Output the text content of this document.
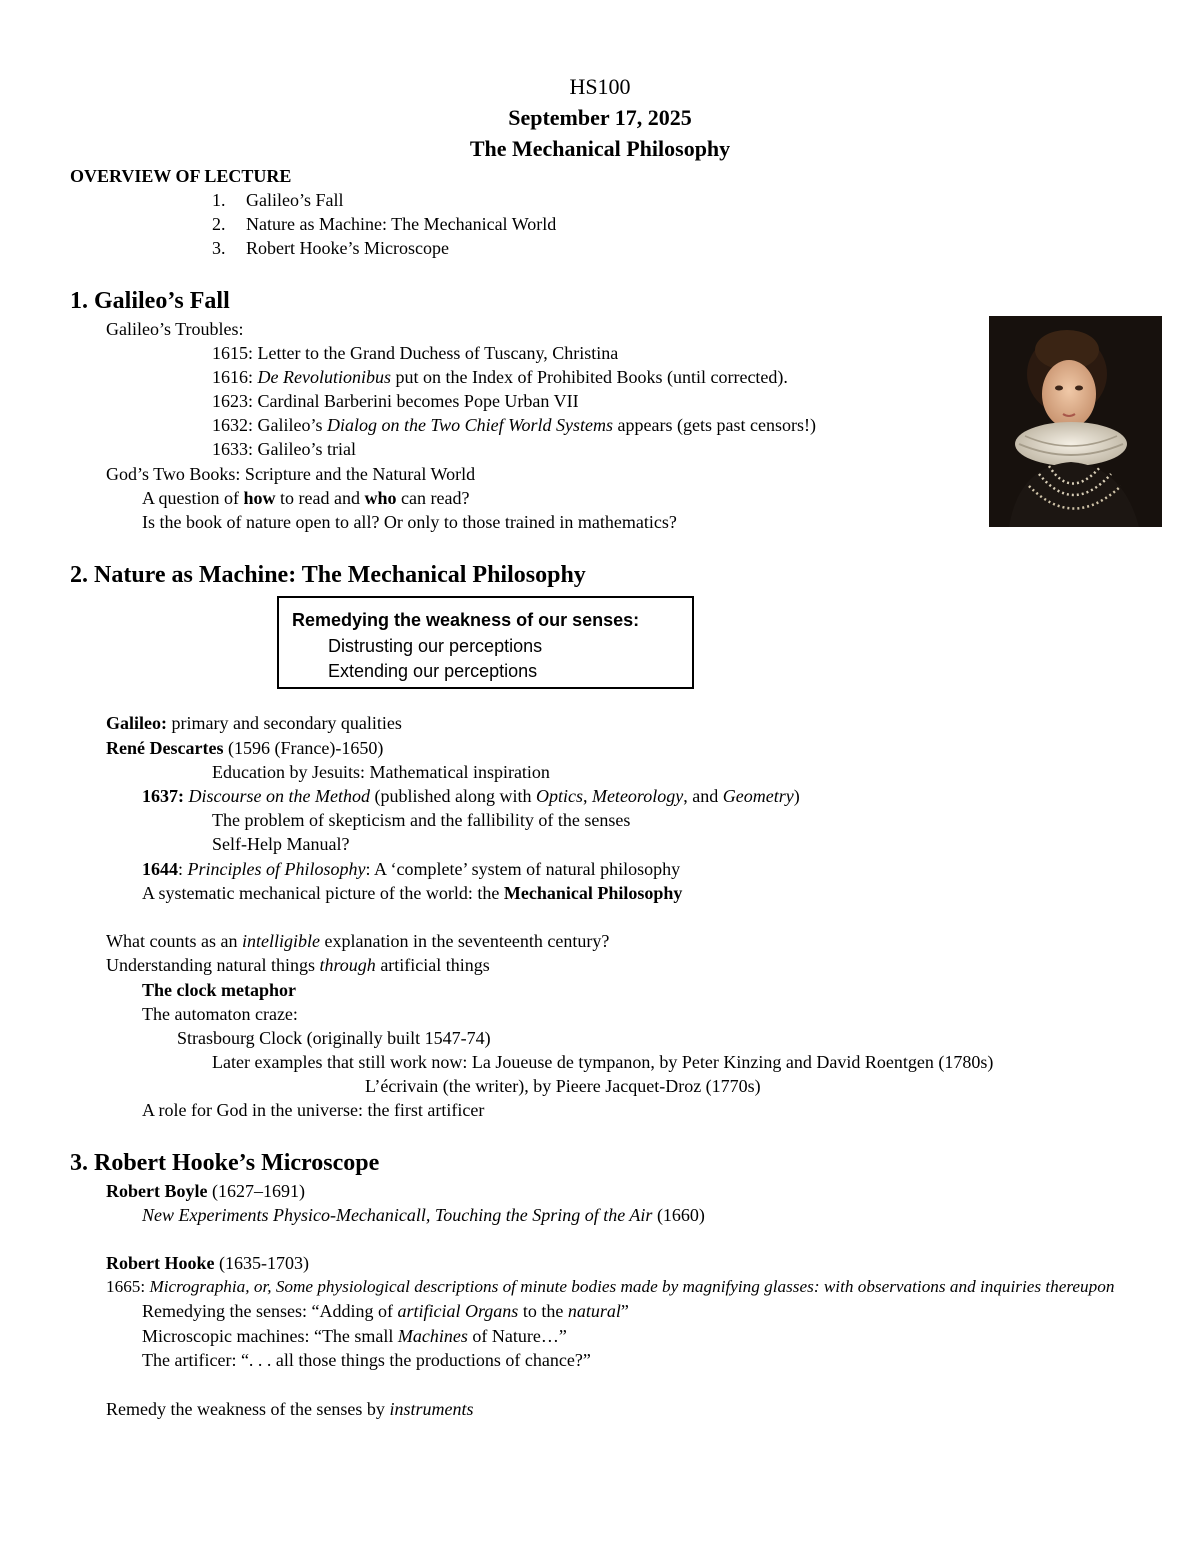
HS100
September 17, 2025
The Mechanical Philosophy
OVERVIEW OF LECTURE
1. Galileo’s Fall
2. Nature as Machine: The Mechanical World
3. Robert Hooke’s Microscope
1. Galileo’s Fall
Galileo’s Troubles:
1615: Letter to the Grand Duchess of Tuscany, Christina
1616: De Revolutionibus put on the Index of Prohibited Books (until corrected).
1623: Cardinal Barberini becomes Pope Urban VII
1632: Galileo’s Dialog on the Two Chief World Systems appears (gets past censors!)
1633: Galileo’s trial
God’s Two Books: Scripture and the Natural World
A question of how to read and who can read?
Is the book of nature open to all? Or only to those trained in mathematics?
2. Nature as Machine: The Mechanical Philosophy
Remedying the weakness of our senses:
Distrusting our perceptions
Extending our perceptions
Galileo: primary and secondary qualities
René Descartes (1596 (France)-1650)
Education by Jesuits: Mathematical inspiration
1637: Discourse on the Method (published along with Optics, Meteorology, and Geometry)
The problem of skepticism and the fallibility of the senses
Self-Help Manual?
1644: Principles of Philosophy: A ‘complete’ system of natural philosophy
A systematic mechanical picture of the world: the Mechanical Philosophy
What counts as an intelligible explanation in the seventeenth century?
Understanding natural things through artificial things
The clock metaphor
The automaton craze:
Strasbourg Clock (originally built 1547-74)
Later examples that still work now: La Joueuse de tympanon, by Peter Kinzing and David Roentgen (1780s)
L’écrivain (the writer), by Pieere Jacquet-Droz (1770s)
A role for God in the universe: the first artificer
3. Robert Hooke’s Microscope
Robert Boyle (1627–1691)
New Experiments Physico-Mechanicall, Touching the Spring of the Air (1660)
Robert Hooke (1635-1703)
1665: Micrographia, or, Some physiological descriptions of minute bodies made by magnifying glasses: with observations and inquiries thereupon
Remedying the senses: “Adding of artificial Organs to the natural”
Microscopic machines: “The small Machines of Nature…”
The artificer: “. . . all those things the productions of chance?”
Remedy the weakness of the senses by instruments
